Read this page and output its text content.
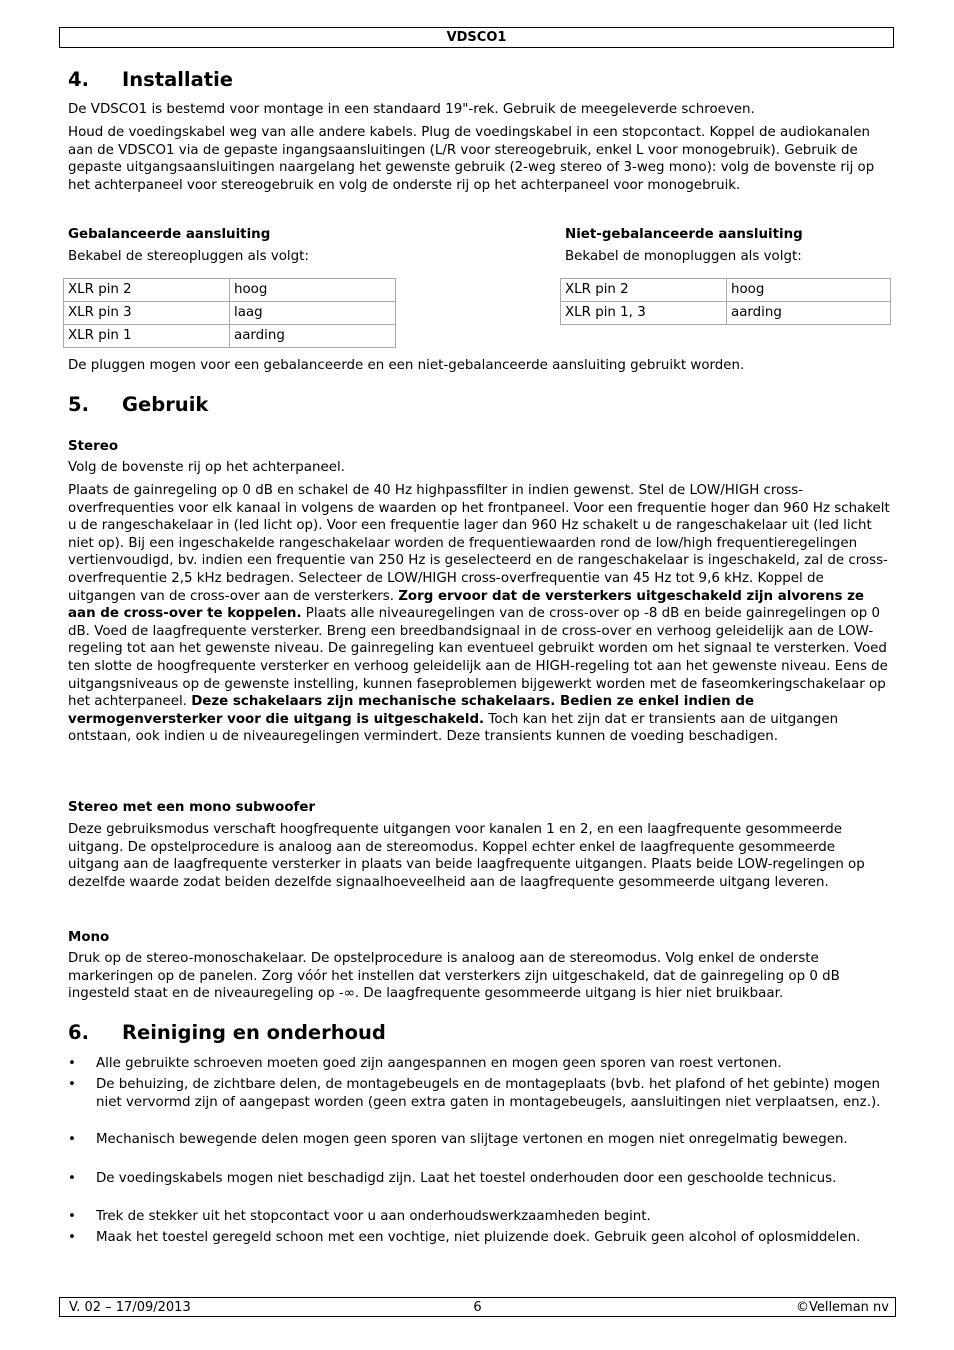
VDSCO1
4. Installatie

De VDSCO1 is bestemd voor montage in een standaard 19"-rek. Gebruik de meegeleverde schroeven.

Houd de voedingskabel weg van alle andere kabels. Plug de voedingskabel in een stopcontact. Koppel de audiokanalen aan de VDSCO1 via de gepaste ingangsaansluitingen (L/R voor stereogebruik, enkel L voor monogebruik). Gebruik de gepaste uitgangsaansluitingen naargelang het gewenste gebruik (2-weg stereo of 3-weg mono): volg de bovenste rij op het achterpaneel voor stereogebruik en volg de onderste rij op het achterpaneel voor monogebruik.

Gebalanceerde aansluiting

Bekabel de stereopluggen als volgt:

XLR pin 2	hoog
XLR pin 3	laag
XLR pin 1	aarding

Niet-gebalanceerde aansluiting

Bekabel de monopluggen als volgt:

XLR pin 2	hoog
XLR pin 1, 3	aarding

De pluggen mogen voor een gebalanceerde en een niet-gebalanceerde aansluiting gebruikt worden.

5. Gebruik

Stereo

Volg de bovenste rij op het achterpaneel.

Plaats de gainregeling op 0 dB en schakel de 40 Hz highpassfilter in indien gewenst. Stel de LOW/HIGH cross-overfrequenties voor elk kanaal in volgens de waarden op het frontpaneel. Voor een frequentie hoger dan 960 Hz schakelt u de rangeschakelaar in (led licht op). Voor een frequentie lager dan 960 Hz schakelt u de rangeschakelaar uit (led licht niet op). Bij een ingeschakelde rangeschakelaar worden de frequentiewaarden rond de low/high frequentieregelingen vertienvoudigd, bv. indien een frequentie van 250 Hz is geselecteerd en de rangeschakelaar is ingeschakeld, zal de cross-overfrequentie 2,5 kHz bedragen. Selecteer de LOW/HIGH cross-overfrequentie van 45 Hz tot 9,6 kHz. Koppel de uitgangen van de cross-over aan de versterkers. Zorg ervoor dat de versterkers uitgeschakeld zijn alvorens ze aan de cross-over te koppelen. Plaats alle niveauregelingen van de cross-over op -8 dB en beide gainregelingen op 0 dB. Voed de laagfrequente versterker. Breng een breedbandsignaal in de cross-over en verhoog geleidelijk aan de LOW-regeling tot aan het gewenste niveau. De gainregeling kan eventueel gebruikt worden om het signaal te versterken. Voed ten slotte de hoogfrequente versterker en verhoog geleidelijk aan de HIGH-regeling tot aan het gewenste niveau. Eens de uitgangsniveaus op de gewenste instelling, kunnen faseproblemen bijgewerkt worden met de faseomkeringschakelaar op het achterpaneel. Deze schakelaars zijn mechanische schakelaars. Bedien ze enkel indien de vermogenversterker voor die uitgang is uitgeschakeld. Toch kan het zijn dat er transients aan de uitgangen ontstaan, ook indien u de niveauregelingen vermindert. Deze transients kunnen de voeding beschadigen.

Stereo met een mono subwoofer

Deze gebruiksmodus verschaft hoogfrequente uitgangen voor kanalen 1 en 2, en een laagfrequente gesommeerde uitgang. De opstelprocedure is analoog aan de stereomodus. Koppel echter enkel de laagfrequente gesommeerde uitgang aan de laagfrequente versterker in plaats van beide laagfrequente uitgangen. Plaats beide LOW-regelingen op dezelfde waarde zodat beiden dezelfde signaalhoeveelheid aan de laagfrequente gesommeerde uitgang leveren.

Mono

Druk op de stereo-monoschakelaar. De opstelprocedure is analoog aan de stereomodus. Volg enkel de onderste markeringen op de panelen. Zorg vóór het instellen dat versterkers zijn uitgeschakeld, dat de gainregeling op 0 dB ingesteld staat en de niveauregeling op -∞. De laagfrequente gesommeerde uitgang is hier niet bruikbaar.

6. Reiniging en onderhoud
• Alle gebruikte schroeven moeten goed zijn aangespannen en mogen geen sporen van roest vertonen.
• De behuizing, de zichtbare delen, de montagebeugels en de montageplaats (bvb. het plafond of het gebinte) mogen niet vervormd zijn of aangepast worden (geen extra gaten in montagebeugels, aansluitingen niet verplaatsen, enz.).
• Mechanisch bewegende delen mogen geen sporen van slijtage vertonen en mogen niet onregelmatig bewegen.
• De voedingskabels mogen niet beschadigd zijn. Laat het toestel onderhouden door een geschoolde technicus.
• Trek de stekker uit het stopcontact voor u aan onderhoudswerkzaamheden begint.
• Maak het toestel geregeld schoon met een vochtige, niet pluizende doek. Gebruik geen alcohol of oplosmiddelen.
V. 02 – 17/09/2013	6	©Velleman nv
